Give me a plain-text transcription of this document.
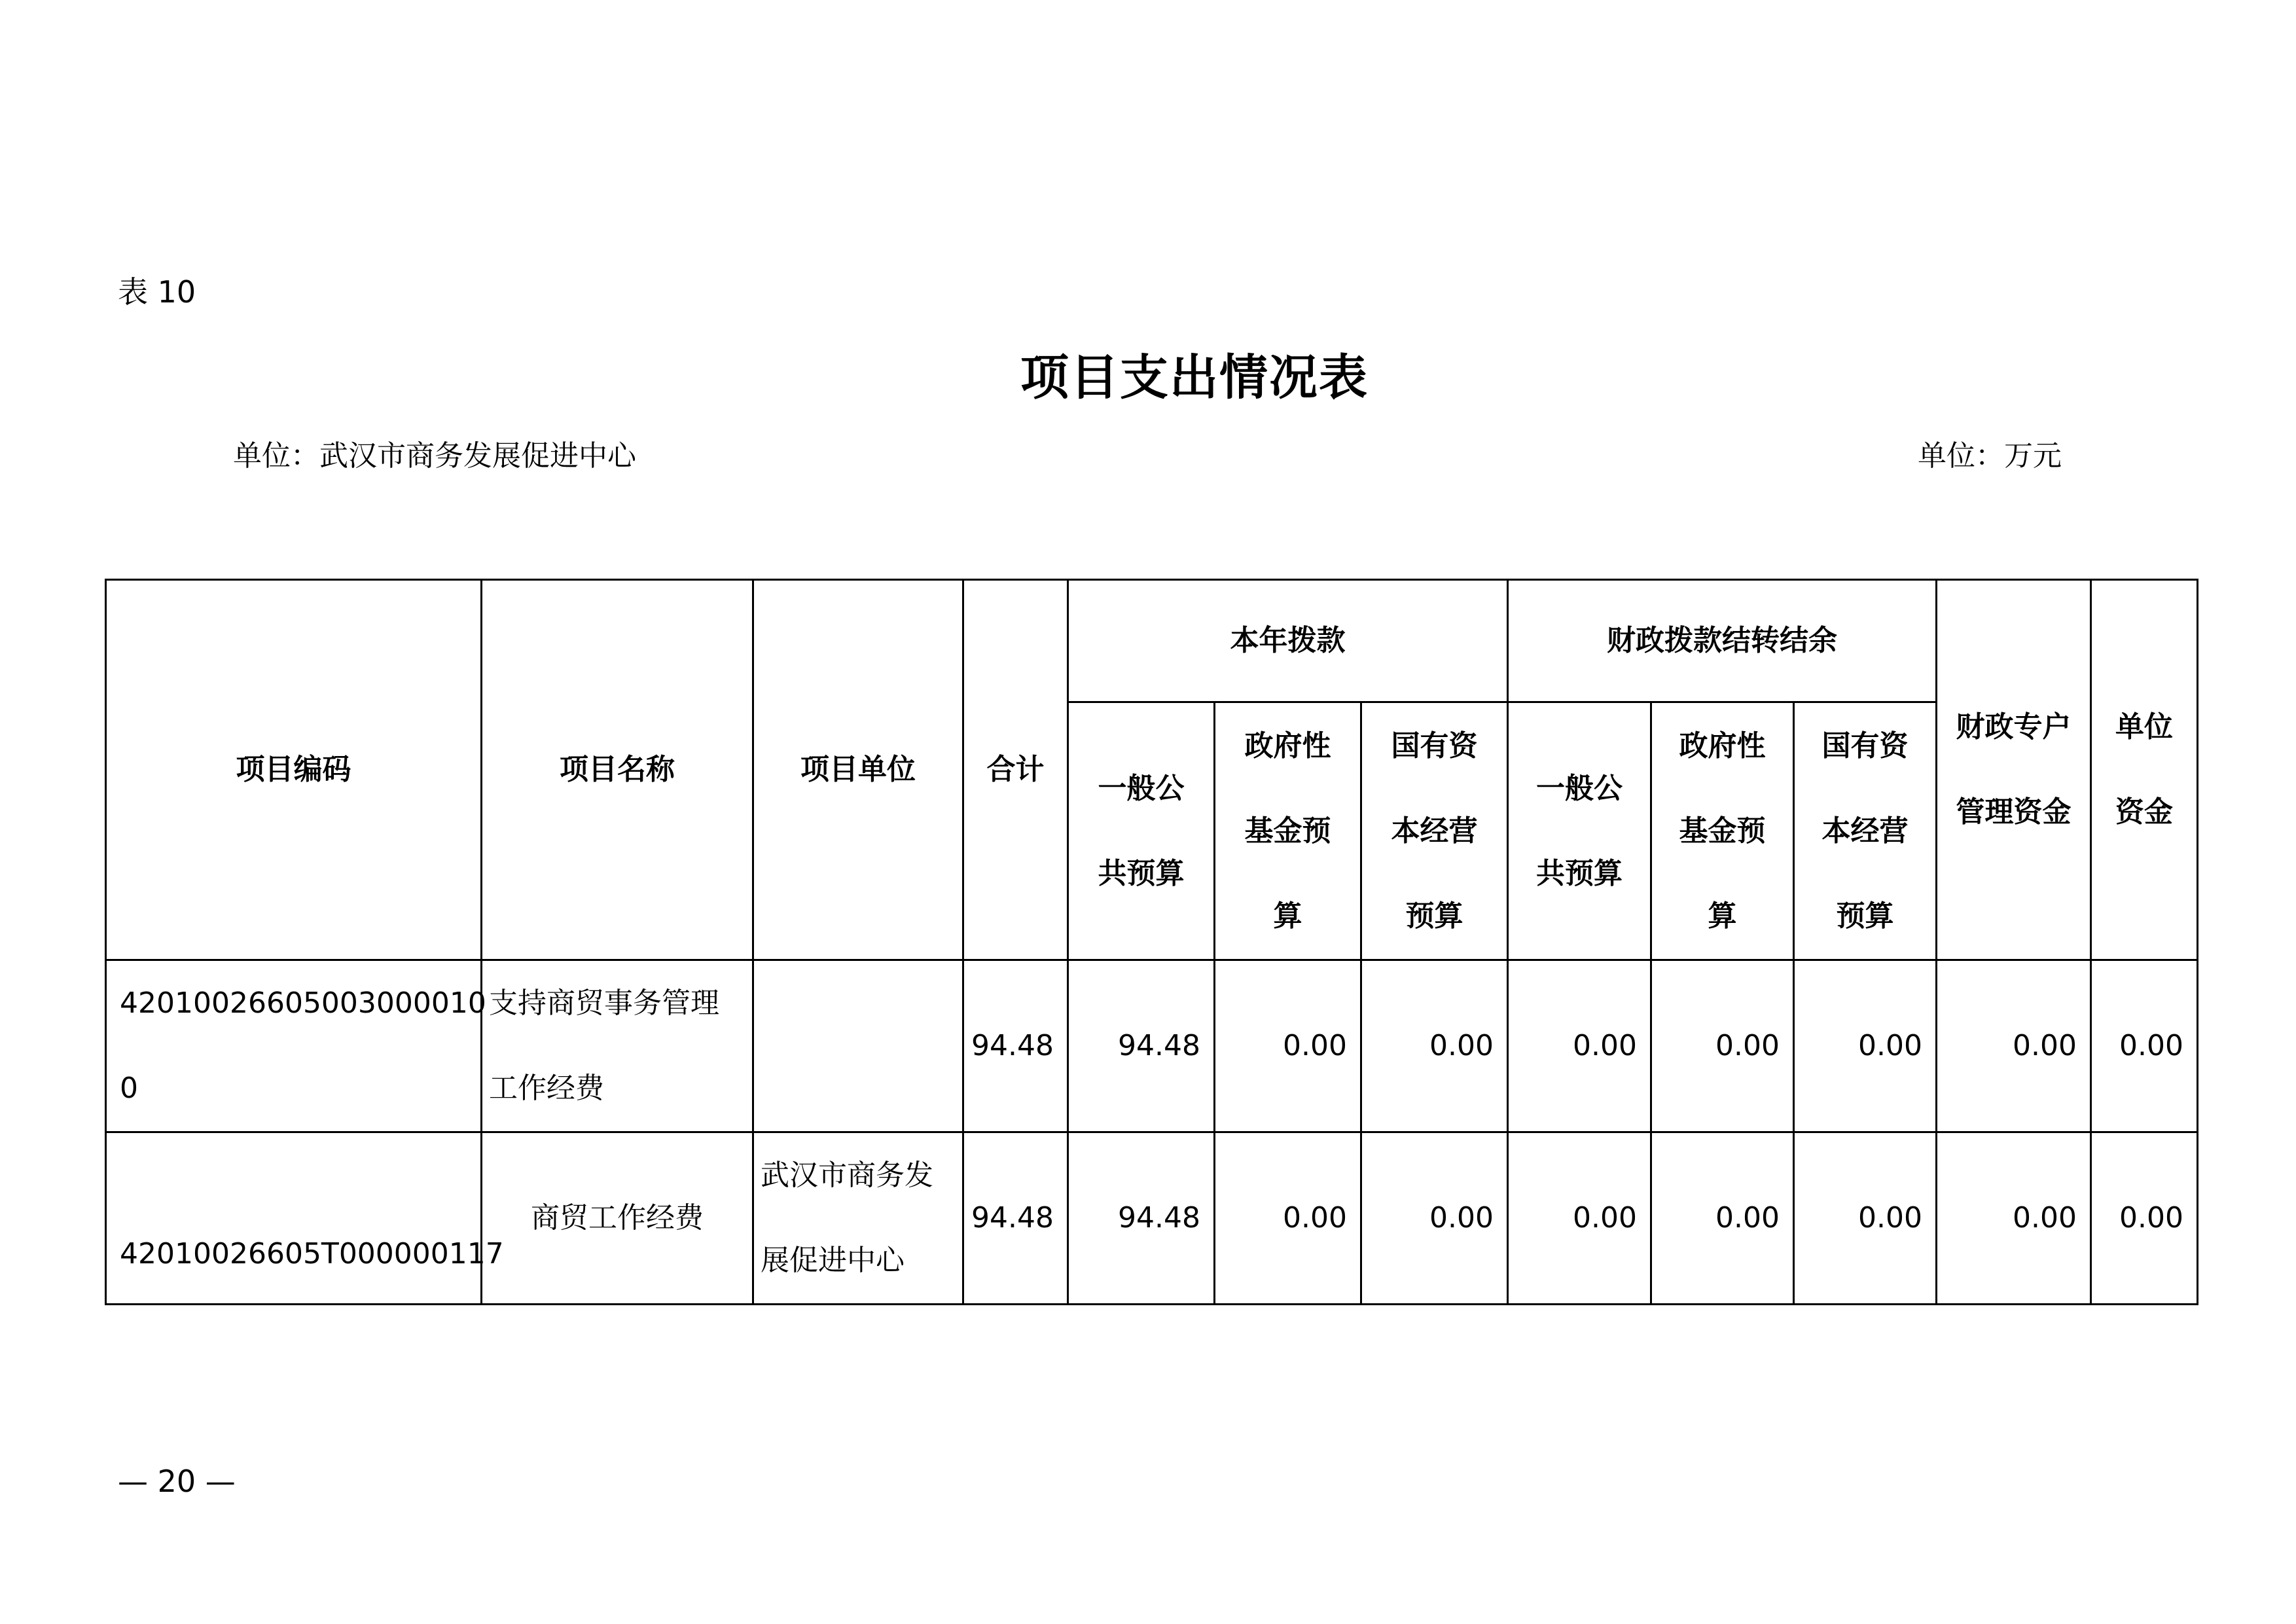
表 10
项目支出情况表
单位：武汉市商务发展促进中心	单位：万元
项目编码	项目名称	项目单位	合计	本年拨款			财政拨款结转结余			财政专户管理资金	单位资金

				一般公共预算	政府性基金预算	国有资本经营预算	一般公共预算	政府性基金预算	国有资本经营预算		

42010026605003000010​0	支持商贸事务管理工作经费		94.48	94.48	0.00	0.00	0.00	0.00	0.00	0.00	0.00

42010026605T000000117	商贸工作经费	武汉市商务发展促进中心	94.48	94.48	0.00	0.00	0.00	0.00	0.00	0.00	0.00
— 20 —
